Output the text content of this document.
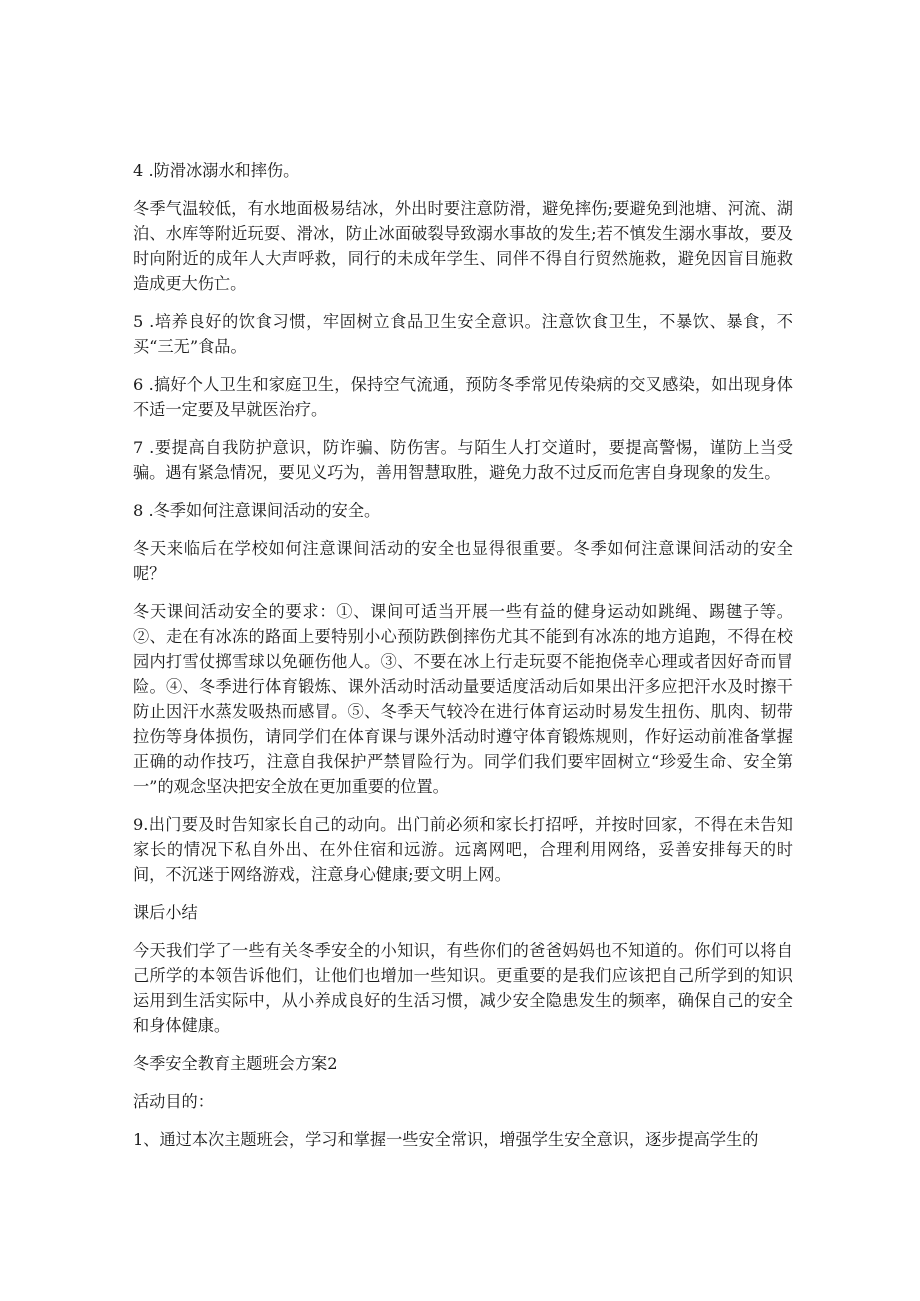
4 .防滑冰溺水和摔伤。

冬季气温较低，有水地面极易结冰，外出时要注意防滑，避免摔伤;要避免到池塘、河流、湖泊、水库等附近玩耍、滑冰，防止冰面破裂导致溺水事故的发生;若不慎发生溺水事故，要及时向附近的成年人大声呼救，同行的未成年学生、同伴不得自行贸然施救，避免因盲目施救造成更大伤亡。

5 .培养良好的饮食习惯，牢固树立食品卫生安全意识。注意饮食卫生，不暴饮、暴食，不买“三无”食品。

6 .搞好个人卫生和家庭卫生，保持空气流通，预防冬季常见传染病的交叉感染，如出现身体不适一定要及早就医治疗。

7 .要提高自我防护意识，防诈骗、防伤害。与陌生人打交道时，要提高警惕，谨防上当受骗。遇有紧急情况，要见义巧为，善用智慧取胜，避免力敌不过反而危害自身现象的发生。

8 .冬季如何注意课间活动的安全。

冬天来临后在学校如何注意课间活动的安全也显得很重要。冬季如何注意课间活动的安全呢？

冬天课间活动安全的要求：①、课间可适当开展一些有益的健身运动如跳绳、踢毽子等。②、走在有冰冻的路面上要特别小心预防跌倒摔伤尤其不能到有冰冻的地方追跑，不得在校园内打雪仗掷雪球以免砸伤他人。③、不要在冰上行走玩耍不能抱侥幸心理或者因好奇而冒险。④、冬季进行体育锻炼、课外活动时活动量要适度活动后如果出汗多应把汗水及时擦干防止因汗水蒸发吸热而感冒。⑤、冬季天气较冷在进行体育运动时易发生扭伤、肌肉、韧带拉伤等身体损伤，请同学们在体育课与课外活动时遵守体育锻炼规则，作好运动前准备掌握正确的动作技巧，注意自我保护严禁冒险行为。同学们我们要牢固树立“珍爱生命、安全第一”的观念坚决把安全放在更加重要的位置。

9.出门要及时告知家长自己的动向。出门前必须和家长打招呼，并按时回家，不得在未告知家长的情况下私自外出、在外住宿和远游。远离网吧，合理利用网络，妥善安排每天的时间，不沉迷于网络游戏，注意身心健康;要文明上网。

课后小结

今天我们学了一些有关冬季安全的小知识，有些你们的爸爸妈妈也不知道的。你们可以将自己所学的本领告诉他们，让他们也增加一些知识。更重要的是我们应该把自己所学到的知识运用到生活实际中，从小养成良好的生活习惯，减少安全隐患发生的频率，确保自己的安全和身体健康。

冬季安全教育主题班会方案2

活动目的：

1、通过本次主题班会，学习和掌握一些安全常识，增强学生安全意识，逐步提高学生的
